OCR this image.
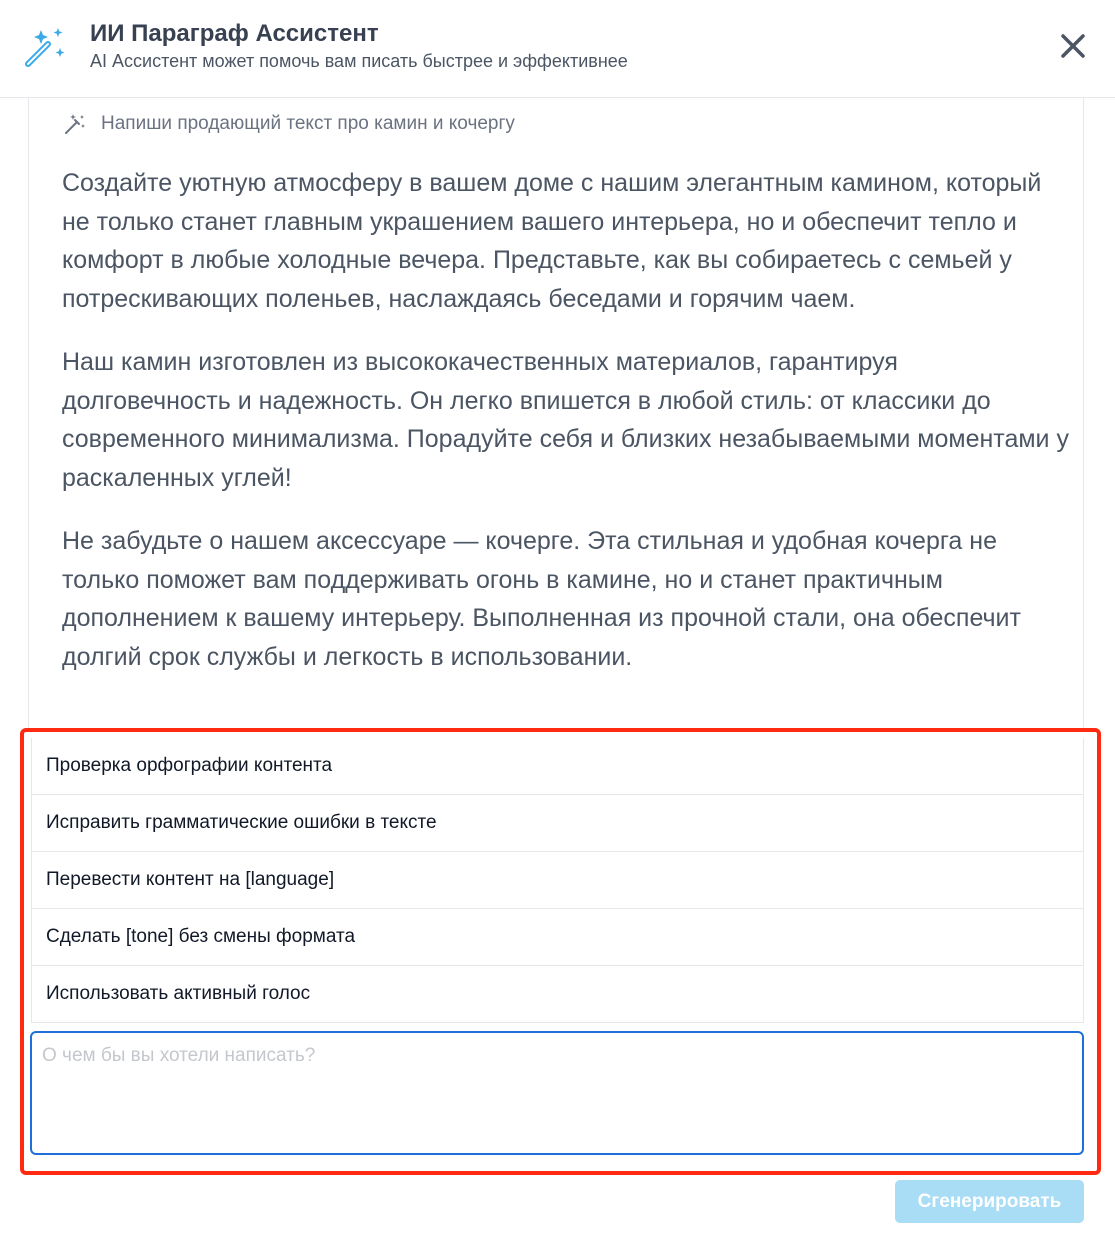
ИИ Параграф Ассистент
AI Ассистент может помочь вам писать быстрее и эффективнее
Напиши продающий текст про камин и кочергу

Создайте уютную атмосферу в вашем доме с нашим элегантным камином, который не только станет главным украшением вашего интерьера, но и обеспечит тепло и комфорт в любые холодные вечера. Представьте, как вы собираетесь с семьей у потрескивающих поленьев, наслаждаясь беседами и горячим чаем.

Наш камин изготовлен из высококачественных материалов, гарантируя долговечность и надежность. Он легко впишется в любой стиль: от классики до современного минимализма. Порадуйте себя и близких незабываемыми моментами у раскаленных углей!

Не забудьте о нашем аксессуаре — кочерге. Эта стильная и удобная кочерга не только поможет вам поддерживать огонь в камине, но и станет практичным дополнением к вашему интерьеру. Выполненная из прочной стали, она обеспечит долгий срок службы и легкость в использовании.

Проверка орфографии контента
Исправить грамматические ошибки в тексте
Перевести контент на [language]
Сделать [tone] без смены формата
Использовать активный голос
О чем бы вы хотели написать?
Сгенерировать
